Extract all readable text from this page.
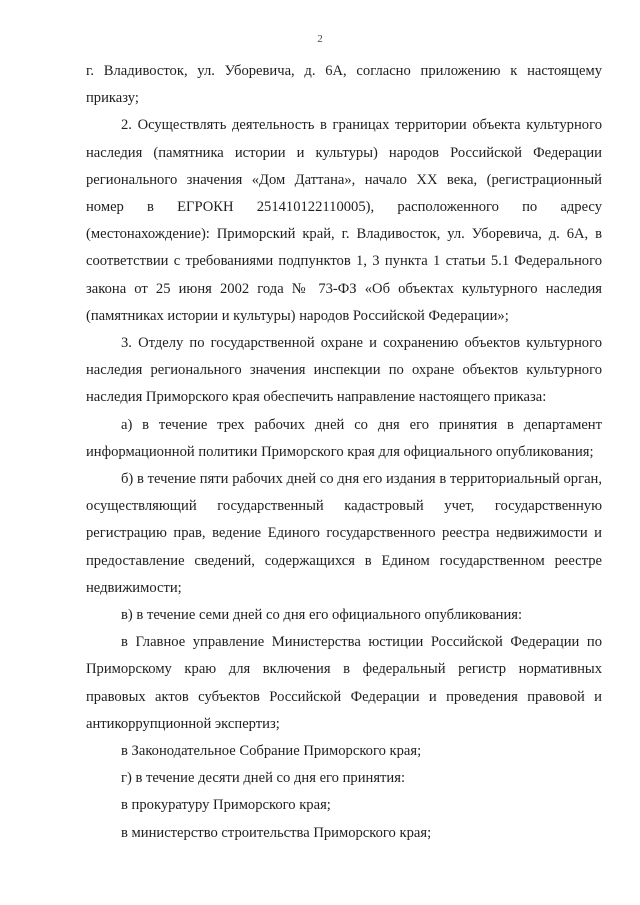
2

г. Владивосток, ул. Уборевича, д. 6А, согласно приложению к настоящему приказу;

2. Осуществлять деятельность в границах территории объекта культурного наследия (памятника истории и культуры) народов Российской Федерации регионального значения «Дом Даттана», начало XX века, (регистрационный номер в ЕГРОКН 251410122110005), расположенного по адресу (местонахождение): Приморский край, г. Владивосток, ул. Уборевича, д. 6А, в соответствии с требованиями подпунктов 1, 3 пункта 1 статьи 5.1 Федерального закона от 25 июня 2002 года № 73-ФЗ «Об объектах культурного наследия (памятниках истории и культуры) народов Российской Федерации»;

3. Отделу по государственной охране и сохранению объектов культурного наследия регионального значения инспекции по охране объектов культурного наследия Приморского края обеспечить направление настоящего приказа:

а) в течение трех рабочих дней со дня его принятия в департамент информационной политики Приморского края для официального опубликования;

б) в течение пяти рабочих дней со дня его издания в территориальный орган, осуществляющий государственный кадастровый учет, государственную регистрацию прав, ведение Единого государственного реестра недвижимости и предоставление сведений, содержащихся в Едином государственном реестре недвижимости;

в) в течение семи дней со дня его официального опубликования:

в Главное управление Министерства юстиции Российской Федерации по Приморскому краю для включения в федеральный регистр нормативных правовых актов субъектов Российской Федерации и проведения правовой и антикоррупционной экспертиз;

в Законодательное Собрание Приморского края;

г) в течение десяти дней со дня его принятия:

в прокуратуру Приморского края;

в министерство строительства Приморского края;
